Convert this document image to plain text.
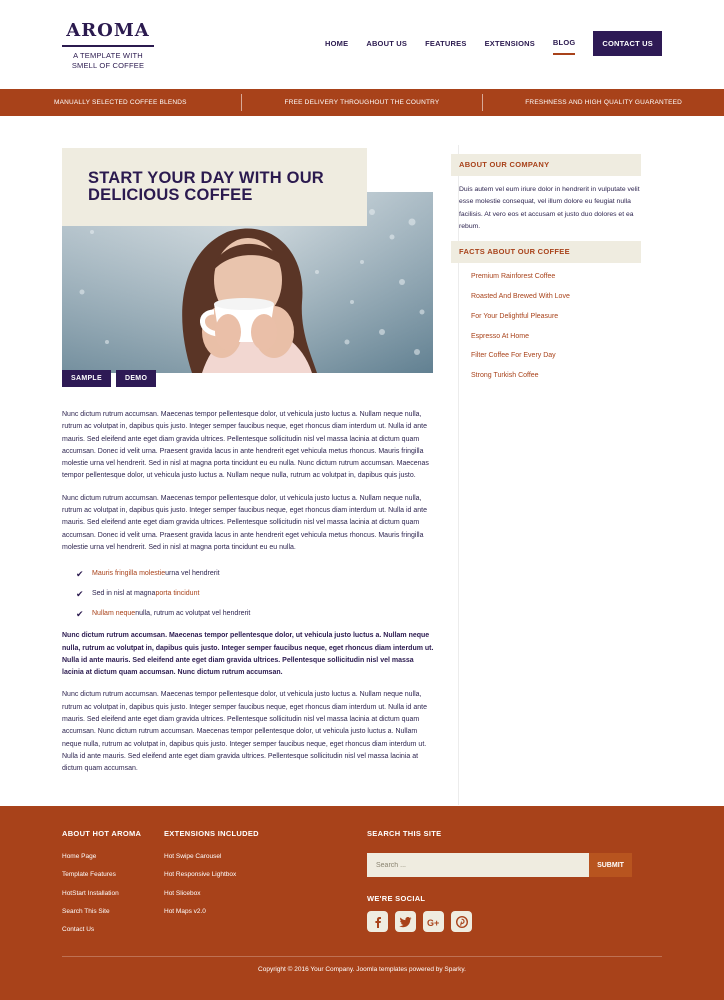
AROMA
A TEMPLATE WITH SMELL OF COFFEE
HOME ABOUT US FEATURES EXTENSIONS BLOG	CONTACT US
MANUALLY SELECTED COFFEE BLENDS	FREE DELIVERY THROUGHOUT THE COUNTRY	FRESHNESS AND HIGH QUALITY GUARANTEED
START YOUR DAY WITH OUR DELICIOUS COFFEE
SAMPLE	DEMO

Nunc dictum rutrum accumsan. Maecenas tempor pellentesque dolor, ut vehicula justo luctus a. Nullam neque nulla, rutrum ac volutpat in, dapibus quis justo. Integer semper faucibus neque, eget rhoncus diam interdum ut. Nulla id ante mauris. Sed eleifend ante eget diam gravida ultrices. Pellentesque sollicitudin nisl vel massa lacinia at dictum quam accumsan. Donec id velit urna. Praesent gravida lacus in ante hendrerit eget vehicula metus rhoncus. Mauris fringilla molestie urna vel hendrerit. Sed in nisl at magna porta tincidunt eu eu nulla. Nunc dictum rutrum accumsan. Maecenas tempor pellentesque dolor, ut vehicula justo luctus a. Nullam neque nulla, rutrum ac volutpat in, dapibus quis justo.

Nunc dictum rutrum accumsan. Maecenas tempor pellentesque dolor, ut vehicula justo luctus a. Nullam neque nulla, rutrum ac volutpat in, dapibus quis justo. Integer semper faucibus neque, eget rhoncus diam interdum ut. Nulla id ante mauris. Sed eleifend ante eget diam gravida ultrices. Pellentesque sollicitudin nisl vel massa lacinia at dictum quam accumsan. Donec id velit urna. Praesent gravida lacus in ante hendrerit eget vehicula metus rhoncus. Mauris fringilla molestie urna vel hendrerit. Sed in nisl at magna porta tincidunt eu eu nulla.

✔	Mauris fringilla molestie urna vel hendrerit
✔	Sed in nisl at magna porta tincidunt
✔	Nullam neque nulla, rutrum ac volutpat vel hendrerit

Nunc dictum rutrum accumsan. Maecenas tempor pellentesque dolor, ut vehicula justo luctus a. Nullam neque nulla, rutrum ac volutpat in, dapibus quis justo. Integer semper faucibus neque, eget rhoncus diam interdum ut. Nulla id ante mauris. Sed eleifend ante eget diam gravida ultrices. Pellentesque sollicitudin nisl vel massa lacinia at dictum quam accumsan. Nunc dictum rutrum accumsan.

Nunc dictum rutrum accumsan. Maecenas tempor pellentesque dolor, ut vehicula justo luctus a. Nullam neque nulla, rutrum ac volutpat in, dapibus quis justo. Integer semper faucibus neque, eget rhoncus diam interdum ut. Nulla id ante mauris. Sed eleifend ante eget diam gravida ultrices. Pellentesque sollicitudin nisl vel massa lacinia at dictum quam accumsan. Nunc dictum rutrum accumsan. Maecenas tempor pellentesque dolor, ut vehicula justo luctus a. Nullam neque nulla, rutrum ac volutpat in, dapibus quis justo. Integer semper faucibus neque, eget rhoncus diam interdum ut. Nulla id ante mauris. Sed eleifend ante eget diam gravida ultrices. Pellentesque sollicitudin nisl vel massa lacinia at dictum quam accumsan.

ABOUT OUR COMPANY
Duis autem vel eum iriure dolor in hendrerit in vulputate velit esse molestie consequat, vel illum dolore eu feugiat nulla facilisis. At vero eos et accusam et justo duo dolores et ea rebum.
FACTS ABOUT OUR COFFEE
Premium Rainforest Coffee
Roasted And Brewed With Love
For Your Delightful Pleasure
Espresso At Home
Filter Coffee For Every Day
Strong Turkish Coffee
ABOUT HOT AROMA
Home Page
Template Features
HotStart Installation
Search This Site
Contact Us
EXTENSIONS INCLUDED
Hot Swipe Carousel
Hot Responsive Lightbox
Hot Slicebox
Hot Maps v2.0
SEARCH THIS SITE
Search ...
SUBMIT
WE'RE SOCIAL
G+
Copyright © 2016 Your Company. Joomla templates powered by Sparky.
